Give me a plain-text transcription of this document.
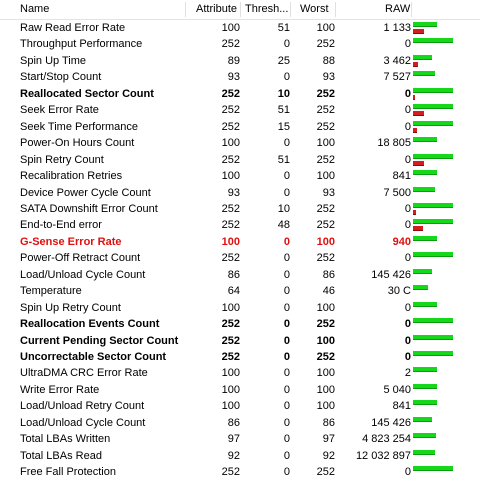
Name	Attribute Thresh... Worst	RAW
Raw Read Error Rate	100	51	100	1 133
Throughput Performance	252	0	252	0
Spin Up Time	89	25	88	3 462
Start/Stop Count	93	0	93	7 527
Reallocated Sector Count	252	10	252	0
Seek Error Rate	252	51	252	0
Seek Time Performance	252	15	252	0
Power-On Hours Count	100	0	100	18 805
Spin Retry Count	252	51	252	0
Recalibration Retries	100	0	100	841
Device Power Cycle Count	93	0	93	7 500
SATA Downshift Error Count	252	10	252	0
End-to-End error	252	48	252	0
G-Sense Error Rate	100	0	100	940
Power-Off Retract Count	252	0	252	0
Load/Unload Cycle Count	86	0	86	145 426
Temperature	64	0	46	30 C
Spin Up Retry Count	100	0	100	0
Reallocation Events Count	252	0	252	0
Current Pending Sector Count	252	0	100	0
Uncorrectable Sector Count	252	0	252	0
UltraDMA CRC Error Rate	100	0	100	2
Write Error Rate	100	0	100	5 040
Load/Unload Retry Count	100	0	100	841
Load/Unload Cycle Count	86	0	86	145 426
Total LBAs Written	97	0	97	4 823 254
Total LBAs Read	92	0	92	12 032 897
Free Fall Protection	252	0	252	0
